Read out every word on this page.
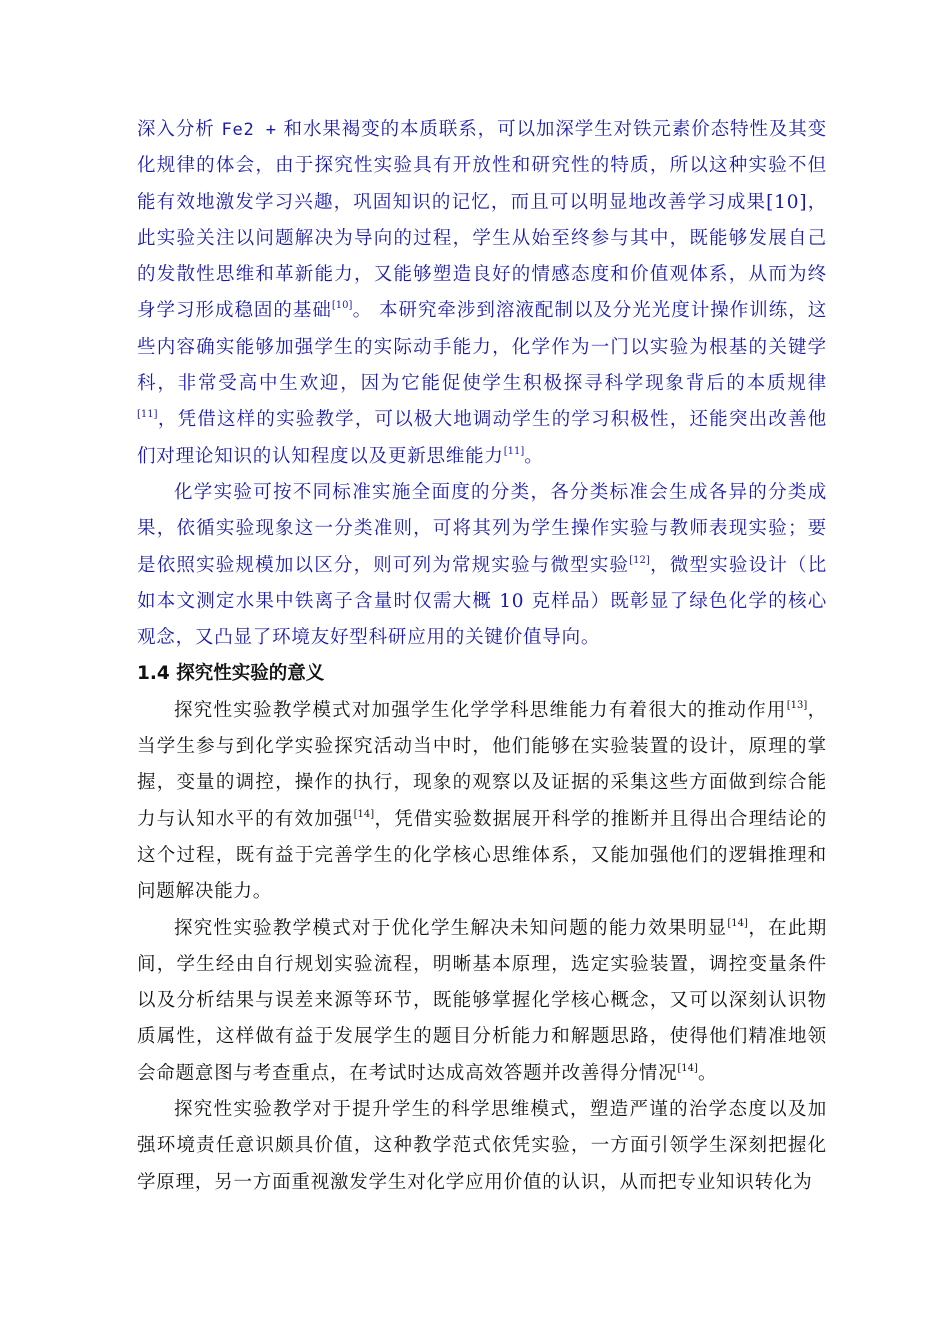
深入分析 Fe2 + 和水果褐变的本质联系，可以加深学生对铁元素价态特性及其变化规律的体会，由于探究性实验具有开放性和研究性的特质，所以这种实验不但能有效地激发学习兴趣，巩固知识的记忆，而且可以明显地改善学习成果[10]，此实验关注以问题解决为导向的过程，学生从始至终参与其中，既能够发展自己的发散性思维和革新能力，又能够塑造良好的情感态度和价值观体系，从而为终身学习形成稳固的基础[10]。 本研究牵涉到溶液配制以及分光光度计操作训练，这些内容确实能够加强学生的实际动手能力，化学作为一门以实验为根基的关键学科，非常受高中生欢迎，因为它能促使学生积极探寻科学现象背后的本质规律[11]，凭借这样的实验教学，可以极大地调动学生的学习积极性，还能突出改善他们对理论知识的认知程度以及更新思维能力[11]。

化学实验可按不同标准实施全面度的分类，各分类标准会生成各异的分类成果，依循实验现象这一分类准则，可将其列为学生操作实验与教师表现实验；要是依照实验规模加以区分，则可列为常规实验与微型实验[12]，微型实验设计（比如本文测定水果中铁离子含量时仅需大概 10 克样品）既彰显了绿色化学的核心观念，又凸显了环境友好型科研应用的关键价值导向。

1.4 探究性实验的意义

探究性实验教学模式对加强学生化学学科思维能力有着很大的推动作用[13]，当学生参与到化学实验探究活动当中时，他们能够在实验装置的设计，原理的掌握，变量的调控，操作的执行，现象的观察以及证据的采集这些方面做到综合能力与认知水平的有效加强[14]，凭借实验数据展开科学的推断并且得出合理结论的这个过程，既有益于完善学生的化学核心思维体系，又能加强他们的逻辑推理和问题解决能力。

探究性实验教学模式对于优化学生解决未知问题的能力效果明显[14]，在此期间，学生经由自行规划实验流程，明晰基本原理，选定实验装置，调控变量条件以及分析结果与误差来源等环节，既能够掌握化学核心概念，又可以深刻认识物质属性，这样做有益于发展学生的题目分析能力和解题思路，使得他们精准地领会命题意图与考查重点，在考试时达成高效答题并改善得分情况[14]。

探究性实验教学对于提升学生的科学思维模式，塑造严谨的治学态度以及加强环境责任意识颇具价值，这种教学范式依凭实验，一方面引领学生深刻把握化学原理，另一方面重视激发学生对化学应用价值的认识，从而把专业知识转化为
